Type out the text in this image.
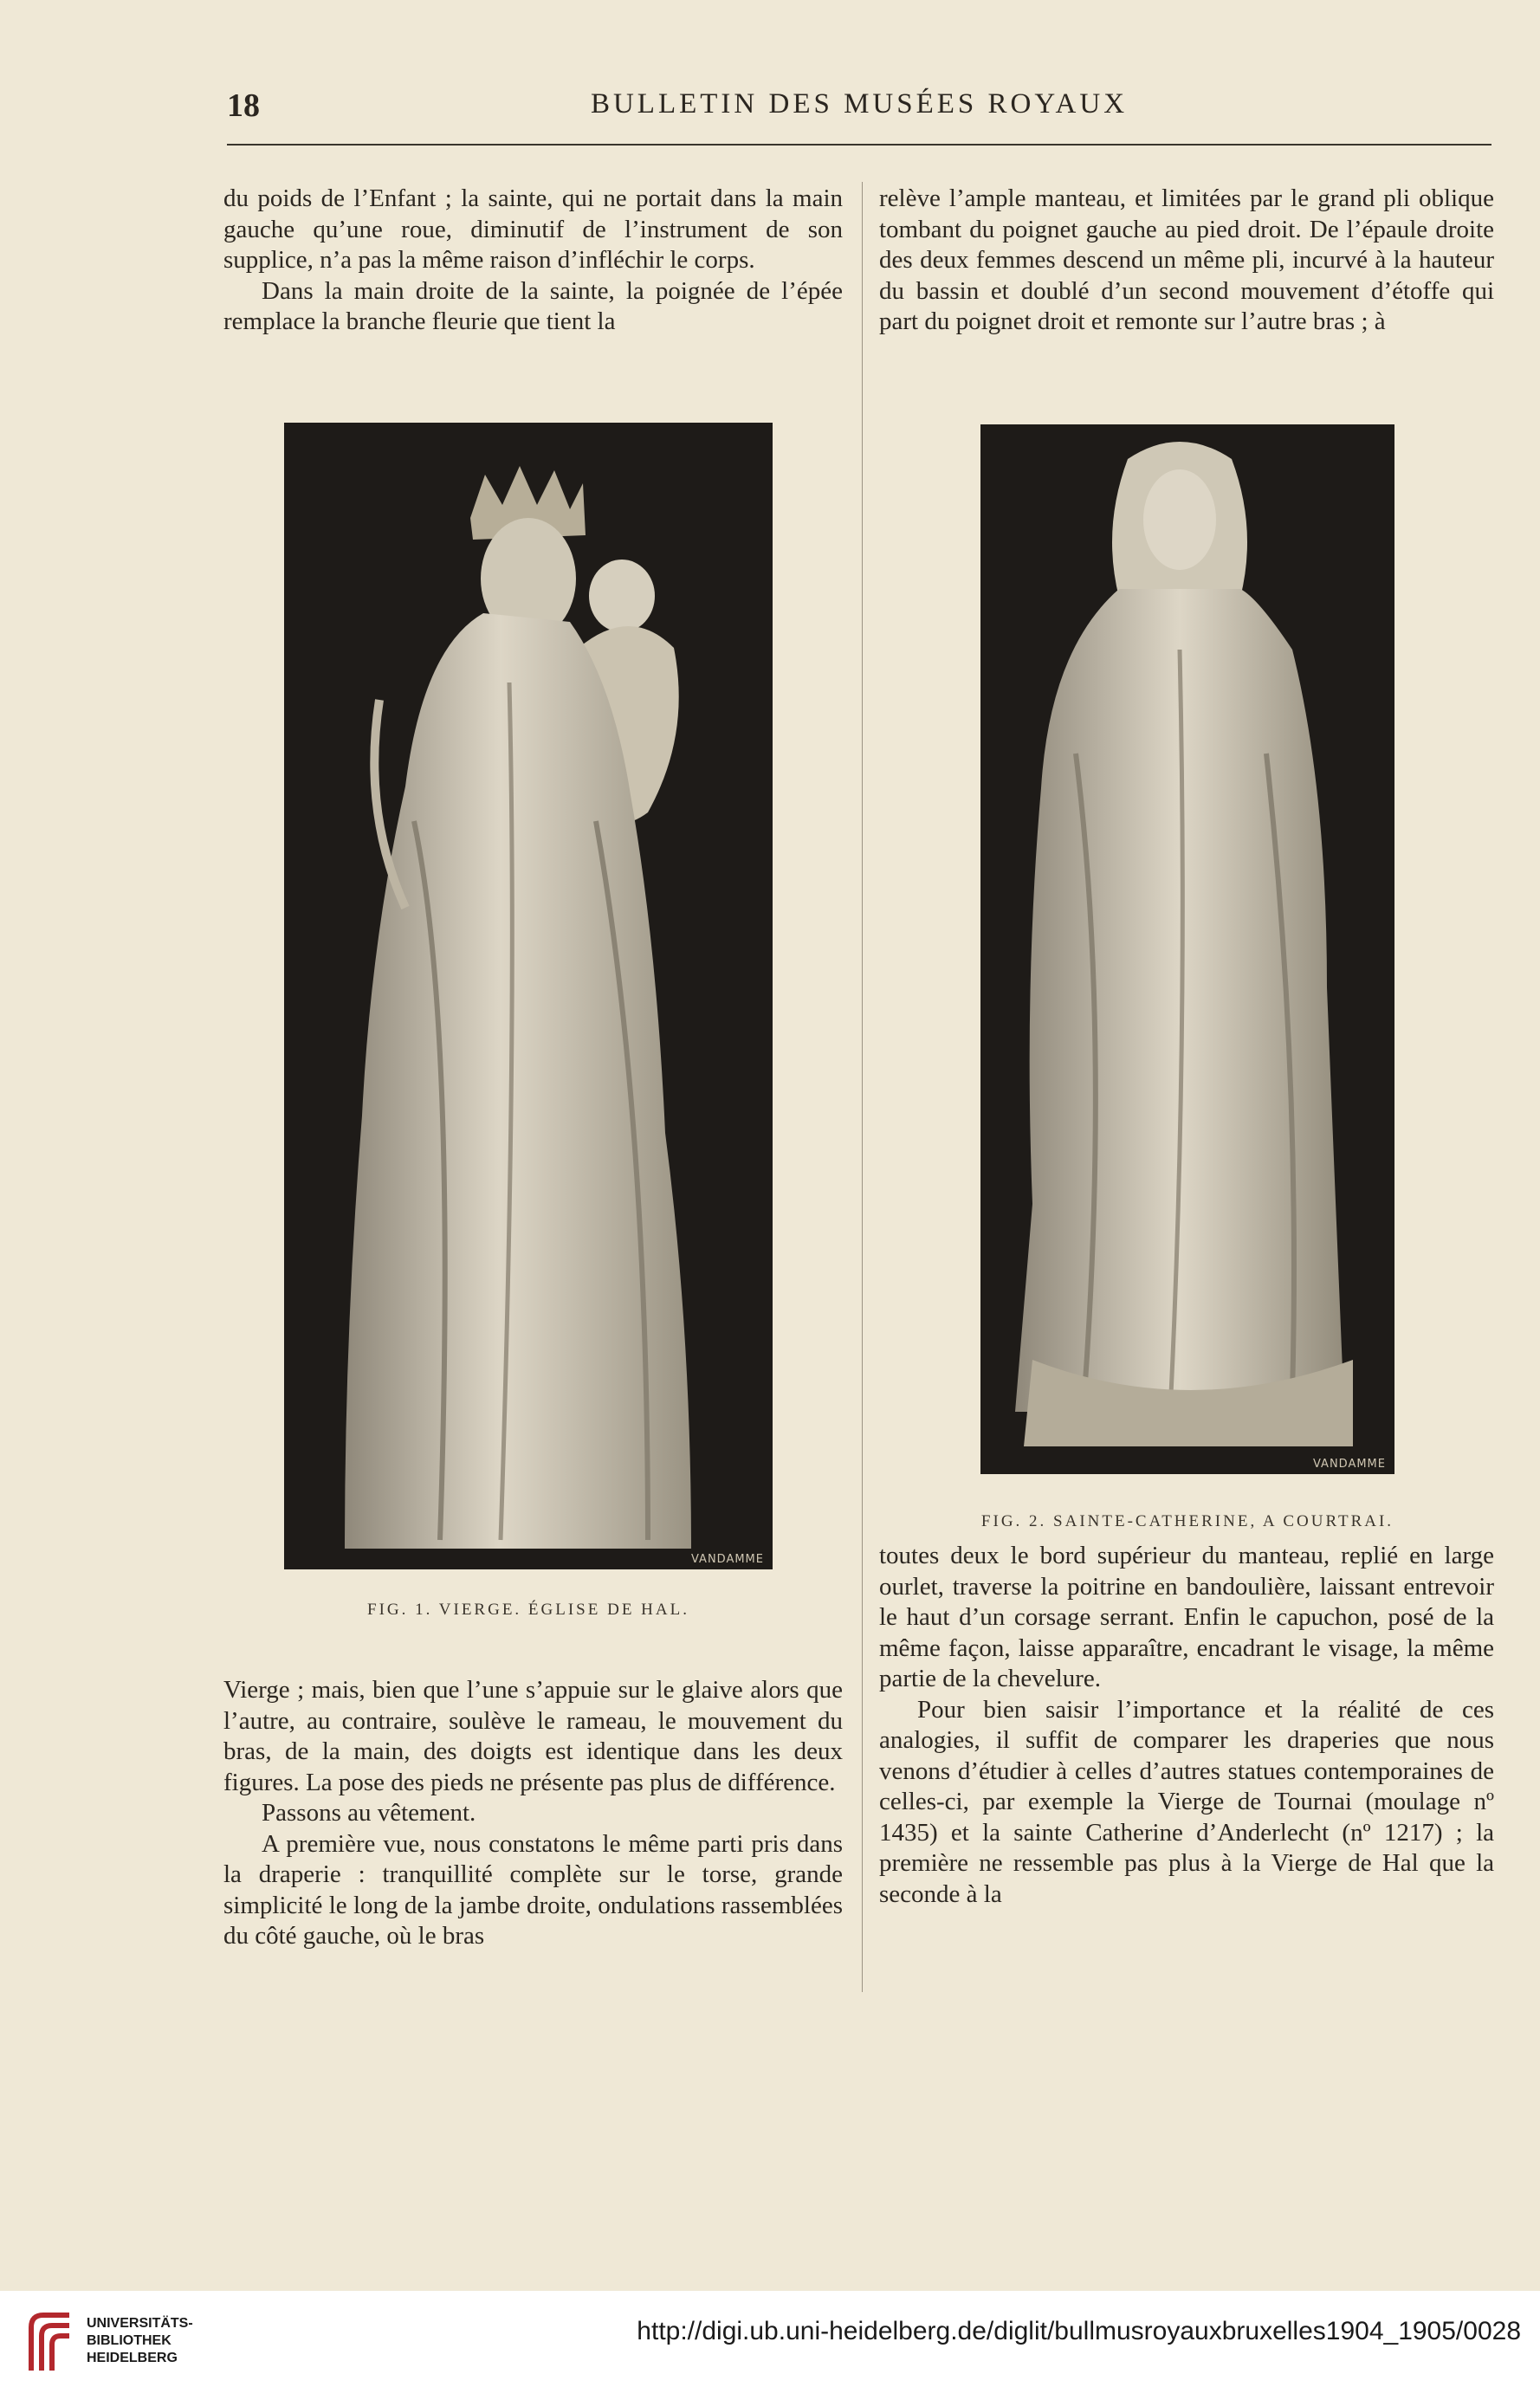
18	BULLETIN DES MUSÉES ROYAUX

du poids de l’Enfant ; la sainte, qui ne portait dans la main gauche qu’une roue, diminutif de l’instrument de son supplice, n’a pas la même raison d’infléchir le corps.

Dans la main droite de la sainte, la poignée de l’épée remplace la branche fleurie que tient la

VANDAMME
FIG. 1. VIERGE. ÉGLISE DE HAL.

Vierge ; mais, bien que l’une s’appuie sur le glaive alors que l’autre, au contraire, soulève le rameau, le mouvement du bras, de la main, des doigts est identique dans les deux figures. La pose des pieds ne présente pas plus de différence.

Passons au vêtement.

A première vue, nous constatons le même parti pris dans la draperie : tranquillité complète sur le torse, grande simplicité le long de la jambe droite, ondulations rassemblées du côté gauche, où le bras

relève l’ample manteau, et limitées par le grand pli oblique tombant du poignet gauche au pied droit. De l’épaule droite des deux femmes descend un même pli, incurvé à la hauteur du bassin et doublé d’un second mouvement d’étoffe qui part du poignet droit et remonte sur l’autre bras ; à

VANDAMME
FIG. 2. SAINTE-CATHERINE, A COURTRAI.

toutes deux le bord supérieur du manteau, replié en large ourlet, traverse la poitrine en bandoulière, laissant entrevoir le haut d’un corsage serrant. Enfin le capuchon, posé de la même façon, laisse apparaître, encadrant le visage, la même partie de la chevelure.

Pour bien saisir l’importance et la réalité de ces analogies, il suffit de comparer les draperies que nous venons d’étudier à celles d’autres statues contemporaines de celles-ci, par exemple la Vierge de Tournai (moulage nº 1435) et la sainte Catherine d’Anderlecht (nº 1217) ; la première ne ressemble pas plus à la Vierge de Hal que la seconde à la

UNIVERSITÄTS-
BIBLIOTHEK
HEIDELBERG
http://digi.ub.uni-heidelberg.de/diglit/bullmusroyauxbruxelles1904_1905/0028
